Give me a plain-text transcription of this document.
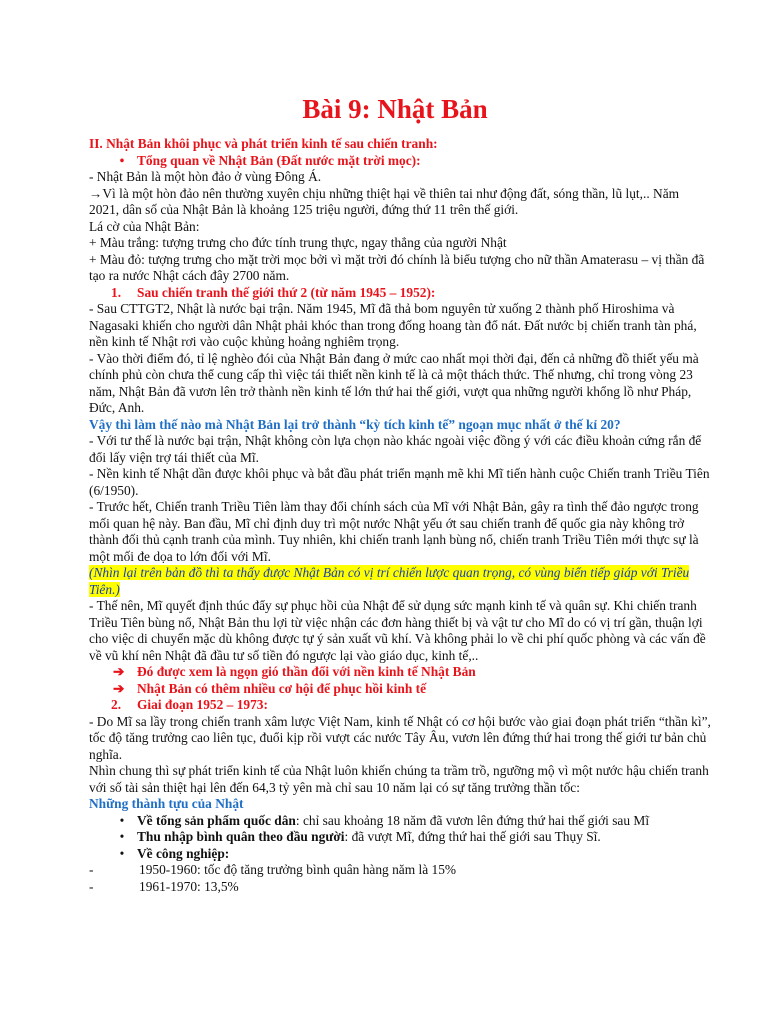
Bài 9: Nhật Bản

II. Nhật Bản khôi phục và phát triển kinh tế sau chiến tranh:

• Tổng quan về Nhật Bản (Đất nước mặt trời mọc):

- Nhật Bản là một hòn đảo ở vùng Đông Á.

→Vì là một hòn đảo nên thường xuyên chịu những thiệt hại về thiên tai như động đất, sóng thần, lũ lụt,.. Năm 2021, dân số của Nhật Bản là khoảng 125 triệu người, đứng thứ 11 trên thế giới.

Lá cờ của Nhật Bản:

+ Màu trắng: tượng trưng cho đức tính trung thực, ngay thẳng của người Nhật

+ Màu đỏ: tượng trưng cho mặt trời mọc bởi vì mặt trời đó chính là biểu tượng cho nữ thần Amaterasu – vị thần đã tạo ra nước Nhật cách đây 2700 năm.

1. Sau chiến tranh thế giới thứ 2 (từ năm 1945 – 1952):

- Sau CTTGT2, Nhật là nước bại trận. Năm 1945, Mĩ đã thả bom nguyên tử xuống 2 thành phố Hiroshima và Nagasaki khiến cho người dân Nhật phải khóc than trong đống hoang tàn đổ nát. Đất nước bị chiến tranh tàn phá, nền kinh tế Nhật rơi vào cuộc khủng hoảng nghiêm trọng.

- Vào thời điểm đó, tỉ lệ nghèo đói của Nhật Bản đang ở mức cao nhất mọi thời đại, đến cả những đồ thiết yếu mà chính phủ còn chưa thể cung cấp thì việc tái thiết nền kinh tế là cả một thách thức. Thế nhưng, chỉ trong vòng 23 năm, Nhật Bản đã vươn lên trở thành nền kinh tế lớn thứ hai thế giới, vượt qua những người khổng lồ như Pháp, Đức, Anh.

Vậy thì làm thế nào mà Nhật Bản lại trở thành “kỳ tích kinh tế” ngoạn mục nhất ở thế kỉ 20?

- Với tư thế là nước bại trận, Nhật không còn lựa chọn nào khác ngoài việc đồng ý với các điều khoản cứng rắn để đổi lấy viện trợ tái thiết của Mĩ.

- Nền kinh tế Nhật dần được khôi phục và bắt đầu phát triển mạnh mẽ khi Mĩ tiến hành cuộc Chiến tranh Triều Tiên (6/1950).

- Trước hết, Chiến tranh Triều Tiên làm thay đổi chính sách của Mĩ với Nhật Bản, gây ra tình thế đảo ngược trong mối quan hệ này. Ban đầu, Mĩ chỉ định duy trì một nước Nhật yếu ớt sau chiến tranh để quốc gia này không trở thành đối thủ cạnh tranh của mình. Tuy nhiên, khi chiến tranh lạnh bùng nổ, chiến tranh Triều Tiên mới thực sự là một mối đe dọa to lớn đối với Mĩ.

(Nhìn lại trên bản đồ thì ta thấy được Nhật Bản có vị trí chiến lược quan trọng, có vùng biển tiếp giáp với Triều Tiên.)

- Thế nên, Mĩ quyết định thúc đẩy sự phục hồi của Nhật để sử dụng sức mạnh kinh tế và quân sự. Khi chiến tranh Triều Tiên bùng nổ, Nhật Bản thu lợi từ việc nhận các đơn hàng thiết bị và vật tư cho Mĩ do có vị trí gần, thuận lợi cho việc di chuyển mặc dù không được tự ý sản xuất vũ khí. Và không phải lo về chi phí quốc phòng và các vấn đề về vũ khí nên Nhật đã đầu tư số tiền đó ngược lại vào giáo dục, kinh tế,..

➔ Đó được xem là ngọn gió thần đổi với nền kinh tế Nhật Bản

➔ Nhật Bản có thêm nhiều cơ hội để phục hồi kinh tế

2. Giai đoạn 1952 – 1973:

- Do Mĩ sa lầy trong chiến tranh xâm lược Việt Nam, kinh tế Nhật có cơ hội bước vào giai đoạn phát triển “thần kì”, tốc độ tăng trưởng cao liên tục, đuổi kịp rồi vượt các nước Tây Âu, vươn lên đứng thứ hai trong thế giới tư bản chủ nghĩa.

Nhìn chung thì sự phát triển kinh tế của Nhật luôn khiến chúng ta trầm trồ, ngưỡng mộ vì một nước hậu chiến tranh với số tài sản thiệt hại lên đến 64,3 tỷ yên mà chỉ sau 10 năm lại có sự tăng trưởng thần tốc:

Những thành tựu của Nhật

• Về tổng sản phẩm quốc dân: chỉ sau khoảng 18 năm đã vươn lên đứng thứ hai thế giới sau Mĩ

• Thu nhập bình quân theo đầu người: đã vượt Mĩ, đứng thứ hai thế giới sau Thụy Sĩ.

• Về công nghiệp:

-	1950-1960: tốc độ tăng trưởng bình quân hàng năm là 15%

-	1961-1970: 13,5%
